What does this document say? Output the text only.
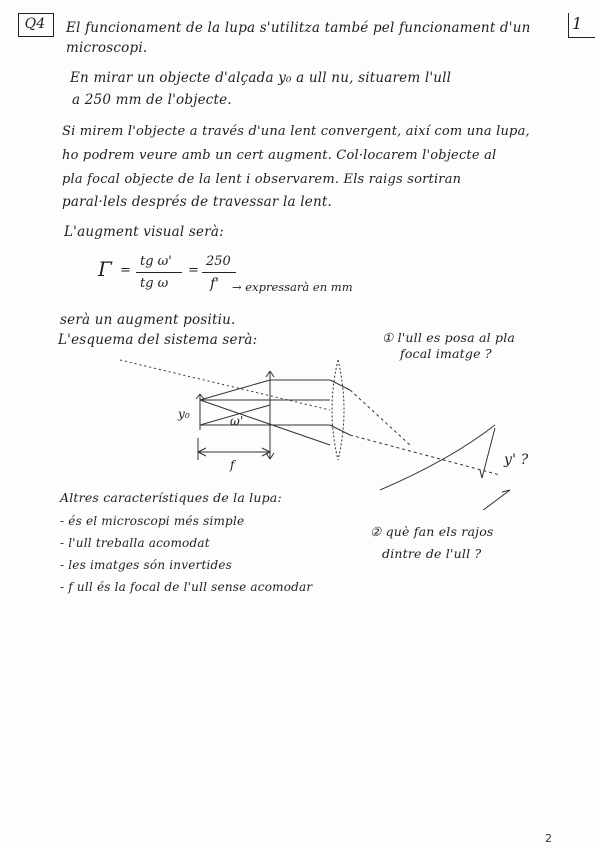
Q4	1
El funcionament de la lupa s'utilitza també pel funcionament d'un
microscopi.
En mirar un objecte d'alçada y₀ a ull nu, situarem l'ull
a 250 mm de l'objecte.
Si mirem l'objecte a través d'una lent convergent, així com una lupa,
ho podrem veure amb un cert augment. Col·locarem l'objecte al
pla focal objecte de la lent i observarem. Els raigs sortiran
paral·lels després de travessar la lent.
L'augment visual serà:
Γ =
tg ω'
tg ω
=
250
f' → expressarà en mm
serà un augment positiu.
L'esquema del sistema serà:	① l'ull es posa al pla
focal imatge ?
y₀	ω'
f	y' ?
② què fan els rajos
dintre de l'ull ?
Altres característiques de la lupa:
- és el microscopi més simple
- l'ull treballa acomodat
- les imatges són invertides
- f ull és la focal de l'ull sense acomodar
2
